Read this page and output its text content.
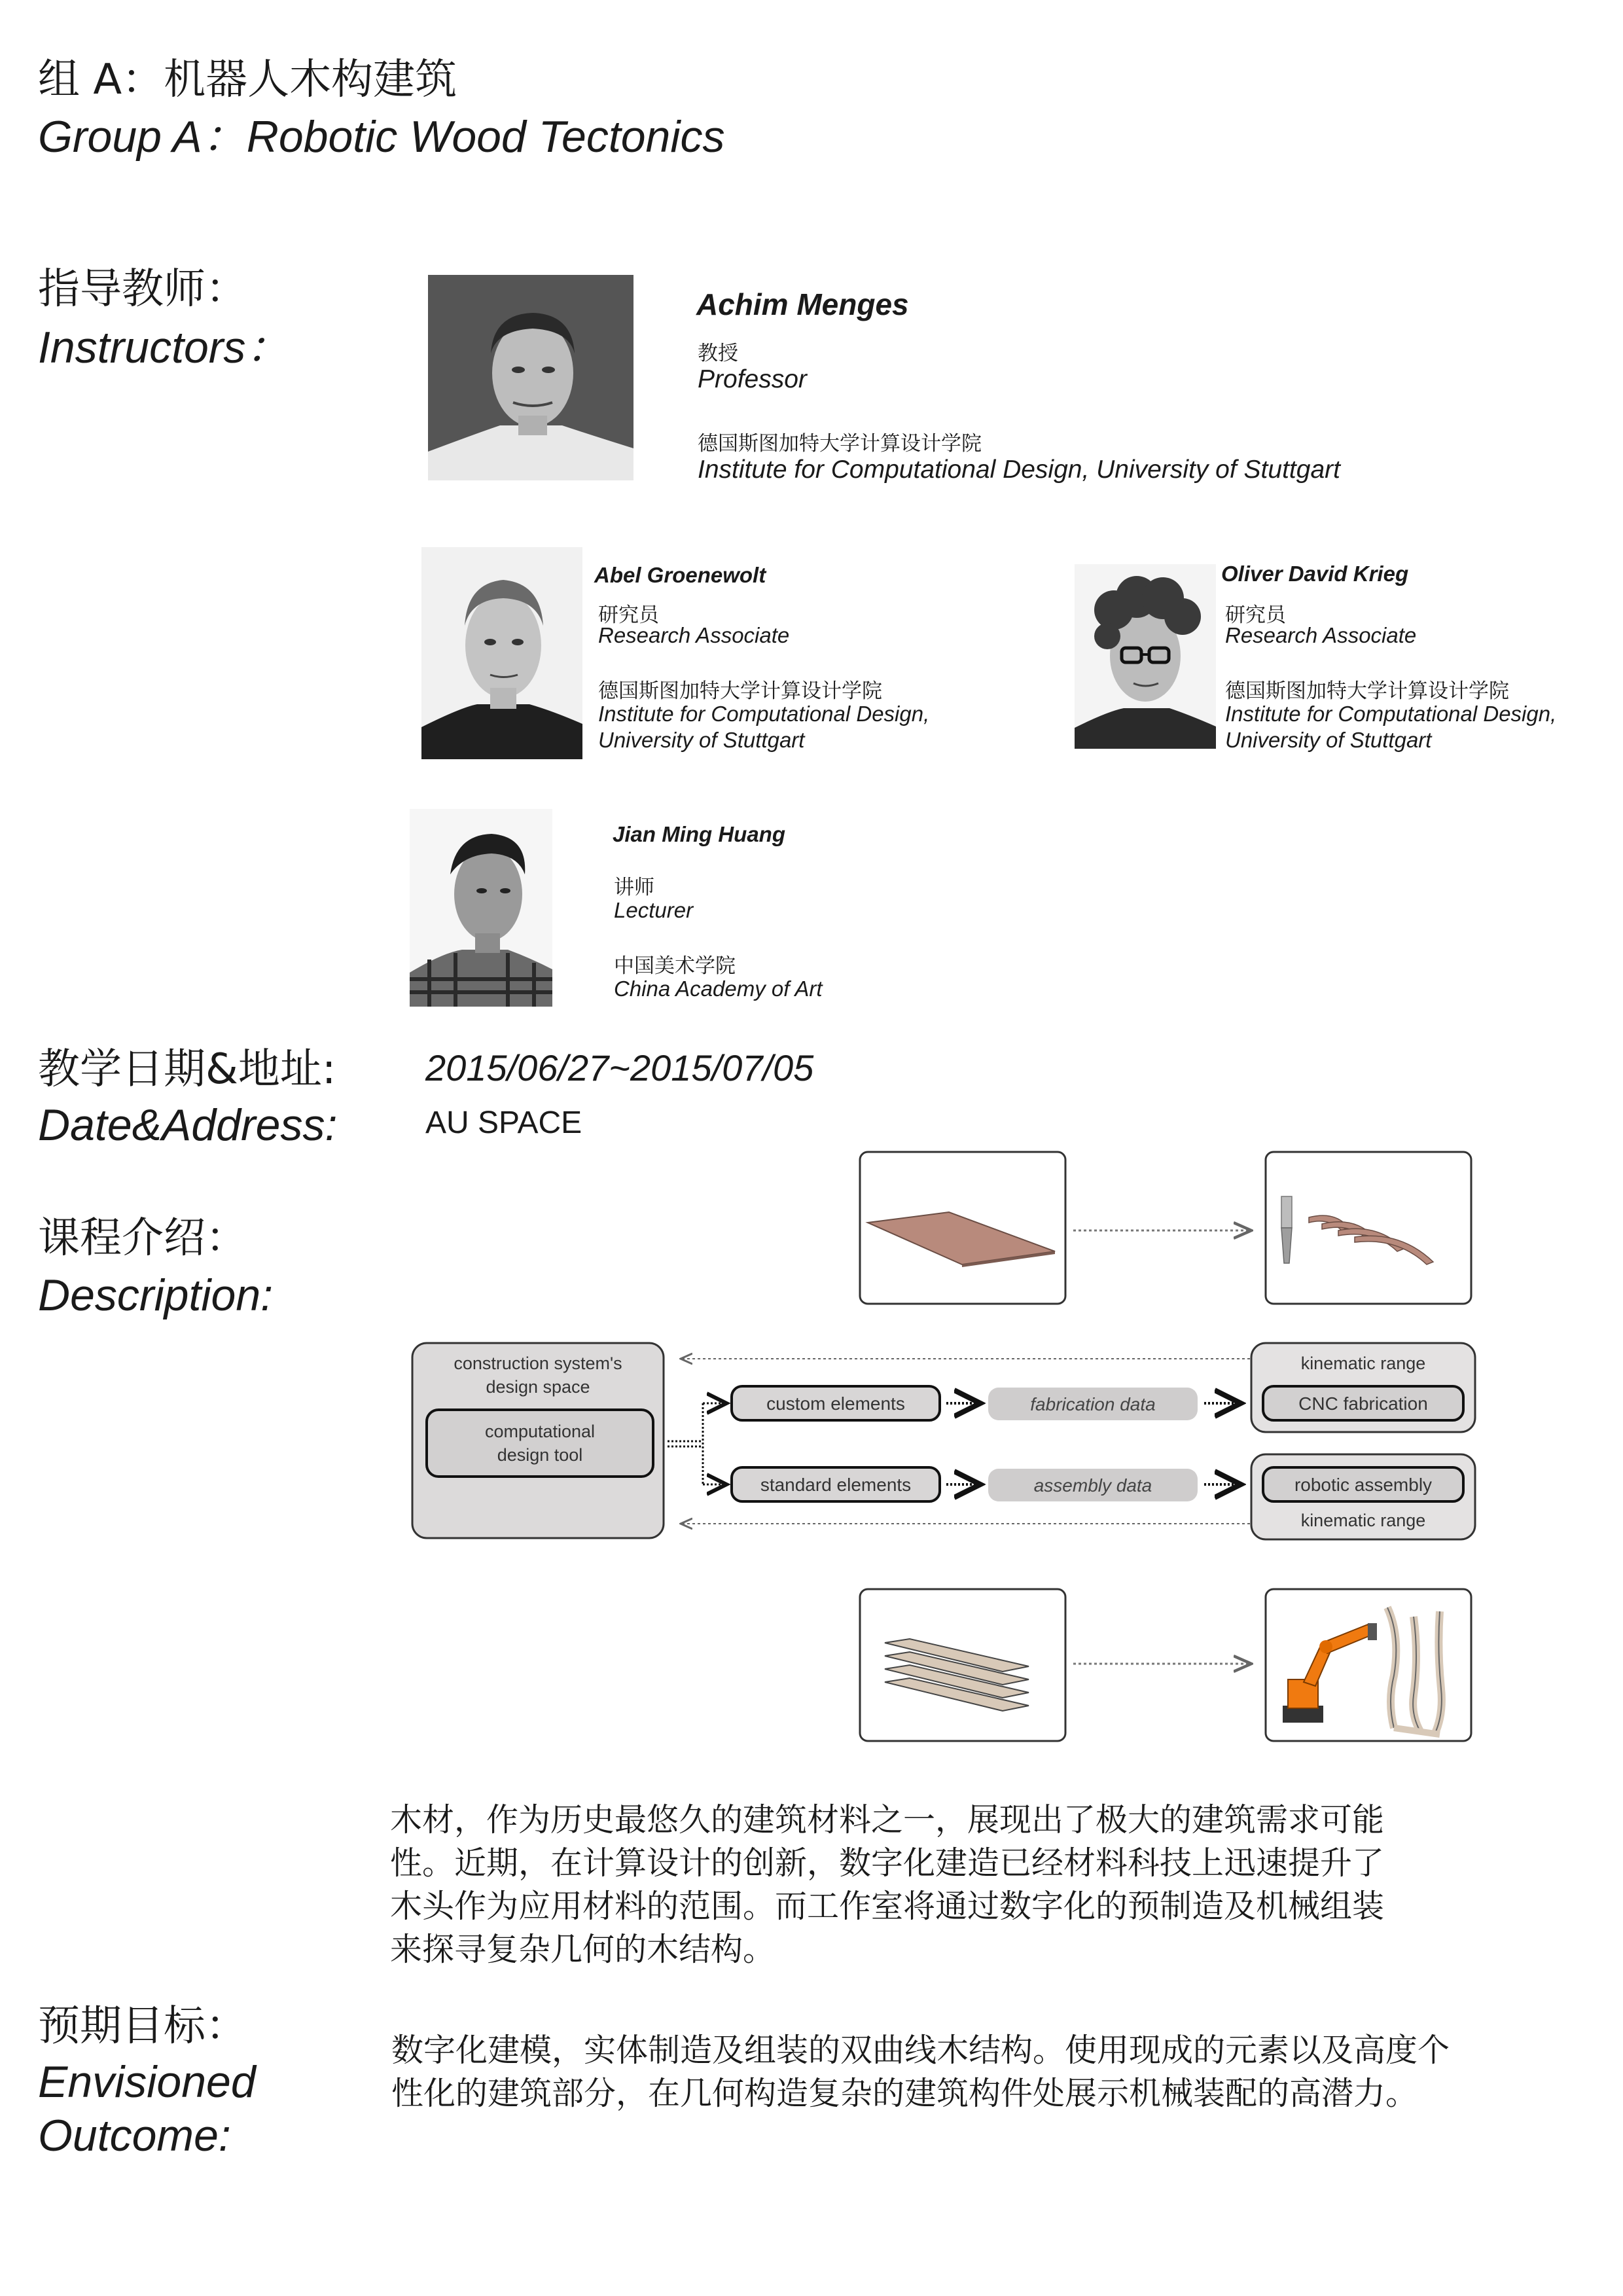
组 A：机器人木构建筑
Group A：Robotic Wood Tectonics
指导教师：
Instructors：
Achim Menges
教授
Professor
德国斯图加特大学计算设计学院
Institute for Computational Design, University of Stuttgart
Abel Groenewolt
研究员
Research Associate
德国斯图加特大学计算设计学院
Institute for Computational Design,
University of Stuttgart
Oliver David Krieg
研究员
Research Associate
德国斯图加特大学计算设计学院
Institute for Computational Design,
University of Stuttgart
Jian Ming Huang
讲师
Lecturer
中国美术学院
China Academy of Art
教学日期&地址:
Date&Address:
2015/06/27~2015/07/05
AU SPACE
课程介绍：
Description:
construction system's
design space
computational
design tool
custom elements	fabrication data
standard elements	assembly data
kinematic range
CNC fabrication
robotic assembly
kinematic range
木材，作为历史最悠久的建筑材料之一，展现出了极大的建筑需求可能
性。近期，在计算设计的创新，数字化建造已经材料科技上迅速提升了
木头作为应用材料的范围。而工作室将通过数字化的预制造及机械组装
来探寻复杂几何的木结构。
预期目标：
Envisioned
Outcome:
数字化建模，实体制造及组装的双曲线木结构。使用现成的元素以及高度个
性化的建筑部分，在几何构造复杂的建筑构件处展示机械装配的高潜力。
